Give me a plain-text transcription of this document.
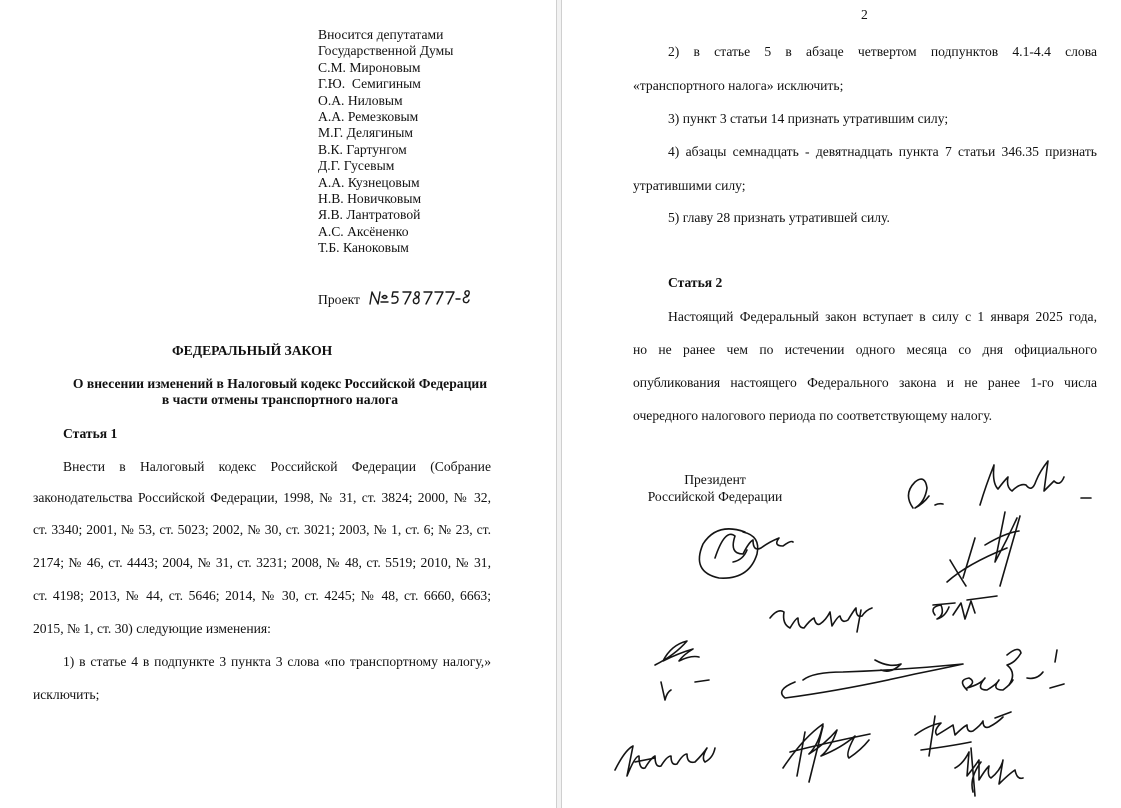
Вносится депутатами
Государственной Думы
С.М. Мироновым
Г.Ю.  Семигиным
О.А. Ниловым
А.А. Ремезковым
М.Г. Делягиным
В.К. Гартунгом
Д.Г. Гусевым
А.А. Кузнецовым
Н.В. Новичковым
Я.В. Лантратовой
А.С. Аксёненко
Т.Б. Каноковым
Проект
ФЕДЕРАЛЬНЫЙ ЗАКОН
О внесении изменений в Налоговый кодекс Российской Федерации
в части отмены транспортного налога
Статья 1
Внести в Налоговый кодекс Российской Федерации (Собрание
законодательства Российской Федерации, 1998, № 31, ст. 3824; 2000, № 32,
ст. 3340; 2001, № 53, ст. 5023; 2002, № 30, ст. 3021; 2003, № 1, ст. 6; № 23, ст.
2174; № 46, ст. 4443; 2004, № 31, ст. 3231; 2008, № 48, ст. 5519; 2010, № 31,
ст. 4198; 2013, № 44, ст. 5646; 2014, № 30, ст. 4245; № 48, ст. 6660, 6663;
2015, № 1, ст. 30) следующие изменения:
1) в статье 4 в подпункте 3 пункта 3 слова «по транспортному налогу,»
исключить;
2
2)  в  статье  5  в  абзаце  четвертом  подпунктов  4.1-4.4  слова
«транспортного налога» исключить;
3) пункт 3 статьи 14 признать утратившим силу;
4) абзацы семнадцать - девятнадцать пункта 7 статьи 346.35 признать
утратившими силу;
5) главу 28 признать утратившей силу.
Статья 2
Настоящий Федеральный закон вступает в силу с 1 января 2025 года,
но не ранее чем по истечении одного месяца со дня официального
опубликования настоящего Федерального закона и не ранее 1-го числа
очередного налогового периода по соответствующему налогу.
Президент
Российской Федерации
